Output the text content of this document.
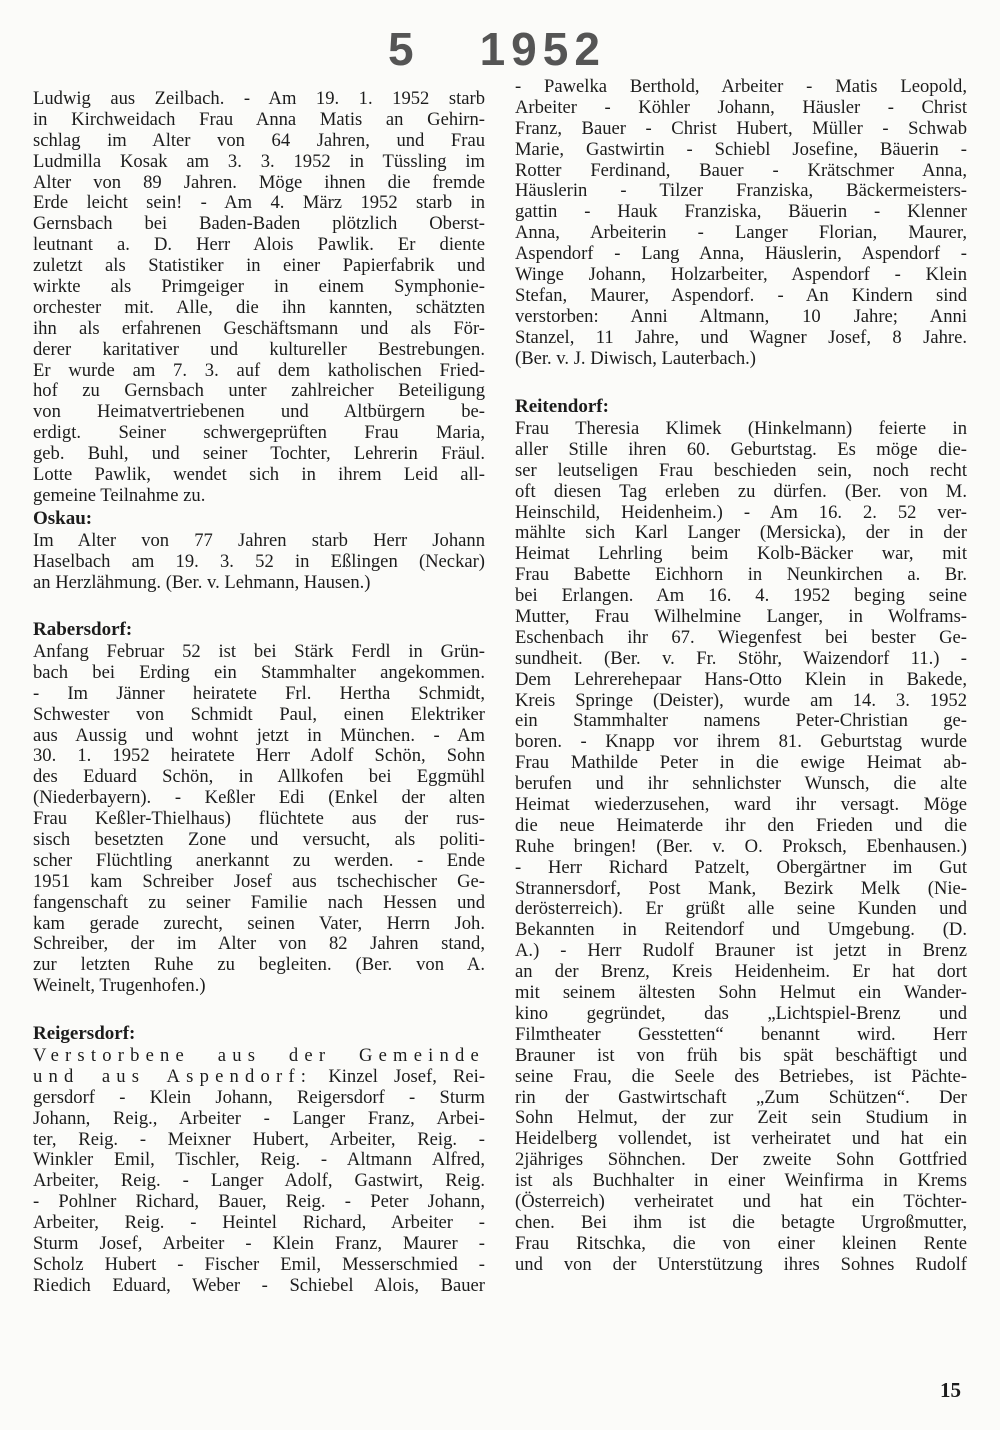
5 1952
Ludwig aus Zeilbach. - Am 19. 1. 1952 starb
in Kirchweidach Frau Anna Matis an Gehirn-
schlag im Alter von 64 Jahren, und Frau
Ludmilla Kosak am 3. 3. 1952 in Tüssling im
Alter von 89 Jahren. Möge ihnen die fremde
Erde leicht sein! - Am 4. März 1952 starb in
Gernsbach bei Baden-Baden plötzlich Oberst-
leutnant a. D. Herr Alois Pawlik. Er diente
zuletzt als Statistiker in einer Papierfabrik und
wirkte als Primgeiger in einem Symphonie-
orchester mit. Alle, die ihn kannten, schätzten
ihn als erfahrenen Geschäftsmann und als För-
derer karitativer und kultureller Bestrebungen.
Er wurde am 7. 3. auf dem katholischen Fried-
hof zu Gernsbach unter zahlreicher Beteiligung
von Heimatvertriebenen und Altbürgern be-
erdigt. Seiner schwergeprüften Frau Maria,
geb. Buhl, und seiner Tochter, Lehrerin Fräul.
Lotte Pawlik, wendet sich in ihrem Leid all-
gemeine Teilnahme zu.
Oskau:
Im Alter von 77 Jahren starb Herr Johann
Haselbach am 19. 3. 52 in Eßlingen (Neckar)
an Herzlähmung. (Ber. v. Lehmann, Hausen.)
Rabersdorf:
Anfang Februar 52 ist bei Stärk Ferdl in Grün-
bach bei Erding ein Stammhalter angekommen.
- Im Jänner heiratete Frl. Hertha Schmidt,
Schwester von Schmidt Paul, einen Elektriker
aus Aussig und wohnt jetzt in München. - Am
30. 1. 1952 heiratete Herr Adolf Schön, Sohn
des Eduard Schön, in Allkofen bei Eggmühl
(Niederbayern). - Keßler Edi (Enkel der alten
Frau Keßler-Thielhaus) flüchtete aus der rus-
sisch besetzten Zone und versucht, als politi-
scher Flüchtling anerkannt zu werden. - Ende
1951 kam Schreiber Josef aus tschechischer Ge-
fangenschaft zu seiner Familie nach Hessen und
kam gerade zurecht, seinen Vater, Herrn Joh.
Schreiber, der im Alter von 82 Jahren stand,
zur letzten Ruhe zu begleiten. (Ber. von A.
Weinelt, Trugenhofen.)
Reigersdorf:
Verstorbene aus der Gemeinde
und aus Aspendorf: Kinzel Josef, Rei-
gersdorf - Klein Johann, Reigersdorf - Sturm
Johann, Reig., Arbeiter - Langer Franz, Arbei-
ter, Reig. - Meixner Hubert, Arbeiter, Reig. -
Winkler Emil, Tischler, Reig. - Altmann Alfred,
Arbeiter, Reig. - Langer Adolf, Gastwirt, Reig.
- Pohlner Richard, Bauer, Reig. - Peter Johann,
Arbeiter, Reig. - Heintel Richard, Arbeiter -
Sturm Josef, Arbeiter - Klein Franz, Maurer -
Scholz Hubert - Fischer Emil, Messerschmied -
Riedich Eduard, Weber - Schiebel Alois, Bauer
- Pawelka Berthold, Arbeiter - Matis Leopold,
Arbeiter - Köhler Johann, Häusler - Christ
Franz, Bauer - Christ Hubert, Müller - Schwab
Marie, Gastwirtin - Schiebl Josefine, Bäuerin -
Rotter Ferdinand, Bauer - Krätschmer Anna,
Häuslerin - Tilzer Franziska, Bäckermeisters-
gattin - Hauk Franziska, Bäuerin - Klenner
Anna, Arbeiterin - Langer Florian, Maurer,
Aspendorf - Lang Anna, Häuslerin, Aspendorf -
Winge Johann, Holzarbeiter, Aspendorf - Klein
Stefan, Maurer, Aspendorf. - An Kindern sind
verstorben: Anni Altmann, 10 Jahre; Anni
Stanzel, 11 Jahre, und Wagner Josef, 8 Jahre.
(Ber. v. J. Diwisch, Lauterbach.)
Reitendorf:
Frau Theresia Klimek (Hinkelmann) feierte in
aller Stille ihren 60. Geburtstag. Es möge die-
ser leutseligen Frau beschieden sein, noch recht
oft diesen Tag erleben zu dürfen. (Ber. von M.
Heinschild, Heidenheim.) - Am 16. 2. 52 ver-
mählte sich Karl Langer (Mersicka), der in der
Heimat Lehrling beim Kolb-Bäcker war, mit
Frau Babette Eichhorn in Neunkirchen a. Br.
bei Erlangen. Am 16. 4. 1952 beging seine
Mutter, Frau Wilhelmine Langer, in Wolframs-
Eschenbach ihr 67. Wiegenfest bei bester Ge-
sundheit. (Ber. v. Fr. Stöhr, Waizendorf 11.) -
Dem Lehrerehepaar Hans-Otto Klein in Bakede,
Kreis Springe (Deister), wurde am 14. 3. 1952
ein Stammhalter namens Peter-Christian ge-
boren. - Knapp vor ihrem 81. Geburtstag wurde
Frau Mathilde Peter in die ewige Heimat ab-
berufen und ihr sehnlichster Wunsch, die alte
Heimat wiederzusehen, ward ihr versagt. Möge
die neue Heimaterde ihr den Frieden und die
Ruhe bringen! (Ber. v. O. Proksch, Ebenhausen.)
- Herr Richard Patzelt, Obergärtner im Gut
Strannersdorf, Post Mank, Bezirk Melk (Nie-
derösterreich). Er grüßt alle seine Kunden und
Bekannten in Reitendorf und Umgebung. (D.
A.) - Herr Rudolf Brauner ist jetzt in Brenz
an der Brenz, Kreis Heidenheim. Er hat dort
mit seinem ältesten Sohn Helmut ein Wander-
kino gegründet, das „Lichtspiel-Brenz und
Filmtheater Gesstetten“ benannt wird. Herr
Brauner ist von früh bis spät beschäftigt und
seine Frau, die Seele des Betriebes, ist Pächte-
rin der Gastwirtschaft „Zum Schützen“. Der
Sohn Helmut, der zur Zeit sein Studium in
Heidelberg vollendet, ist verheiratet und hat ein
2jähriges Söhnchen. Der zweite Sohn Gottfried
ist als Buchhalter in einer Weinfirma in Krems
(Österreich) verheiratet und hat ein Töchter-
chen. Bei ihm ist die betagte Urgroßmutter,
Frau Ritschka, die von einer kleinen Rente
und von der Unterstützung ihres Sohnes Rudolf
15
